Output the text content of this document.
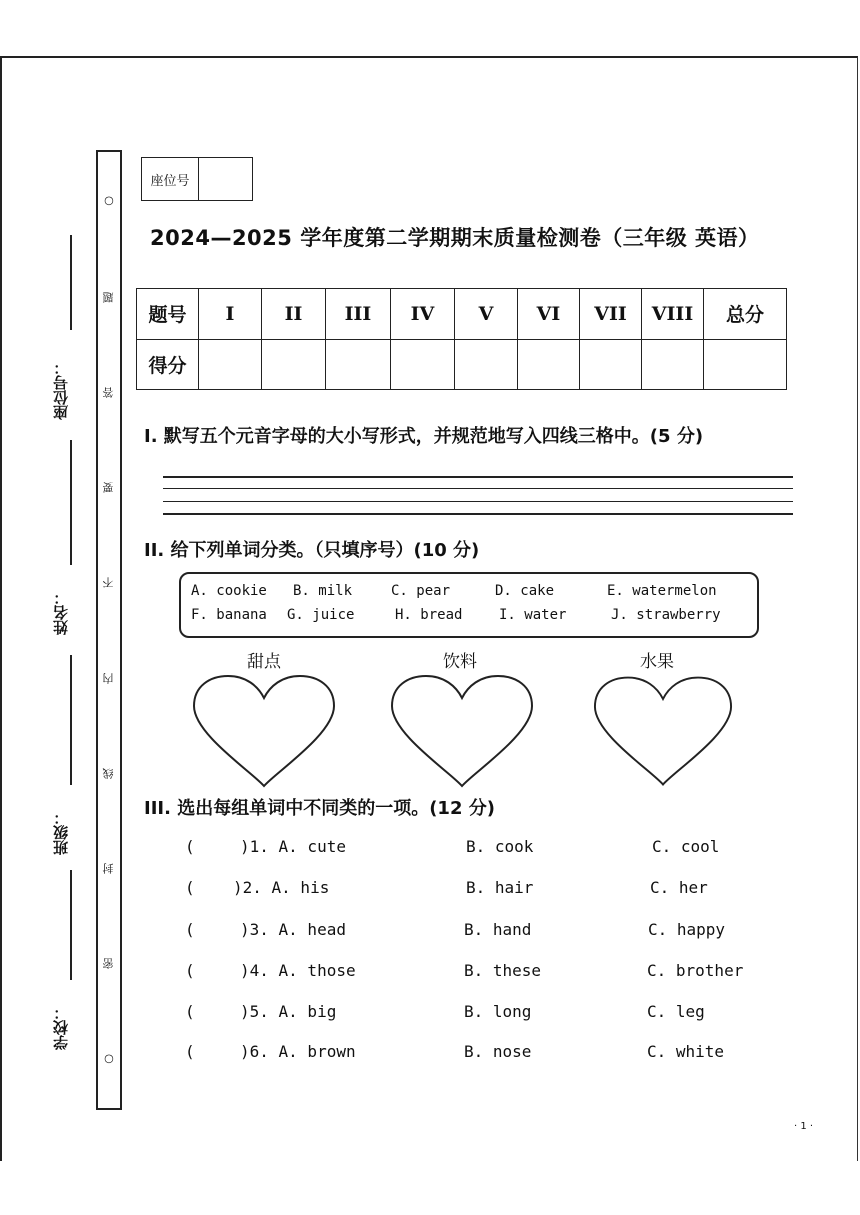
座位号：
姓名：
班级：
学校：
○
密
封
线
内
不
要
答
题
○
座位号
2024—2025 学年度第二学期期末质量检测卷（三年级 英语）
题号	I	II	III	IV	V	VI	VII	VIII	总分
得分									
I. 默写五个元音字母的大小写形式，并规范地写入四线三格中。(5 分)
II. 给下列单词分类。（只填序号）(10 分)
A. cookie B. milk	C. pear	D. cake	E. watermelon
F. banana G. juice	H. bread	I. water	J. strawberry
甜点	饮料	水果
III. 选出每组单词中不同类的一项。(12 分)
(	)1. A. cute	B. cook	C. cool
( )2. A. his	B. hair	C. her
(	)3. A. head	B. hand	C. happy
(	)4. A. those	B. these	C. brother
(	)5. A. big	B. long	C. leg
(	)6. A. brown	B. nose	C. white
· 1 ·
